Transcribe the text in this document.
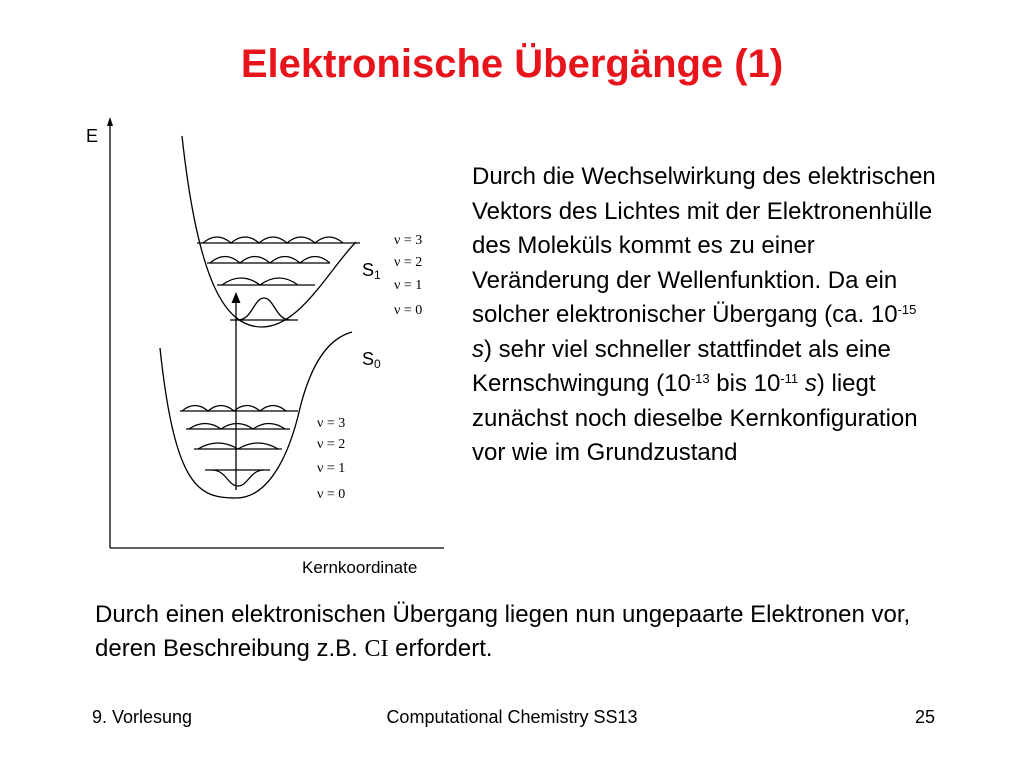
Elektronische Übergänge (1)
E
Kernkoordinate
$S_1$
$S_0$
ν = 3
ν = 2
ν = 1
ν = 0
ν = 3
ν = 2
ν = 1
ν = 0
Durch die Wechselwirkung des elektrischen Vektors des Lichtes mit der Elektronenhülle des Moleküls kommt es zu einer Veränderung der Wellenfunktion. Da ein solcher elektronischer Übergang (ca. $10^{-15}$ s) sehr viel schneller stattfindet als eine Kernschwingung ($10^{-13}$ bis $10^{-11}$ s) liegt zunächst noch dieselbe Kernkonfiguration vor wie im Grundzustand
Durch einen elektronischen Übergang liegen nun ungepaarte Elektronen vor, deren Beschreibung z.B. CI erfordert.
9. Vorlesung	Computational Chemistry SS13	25
